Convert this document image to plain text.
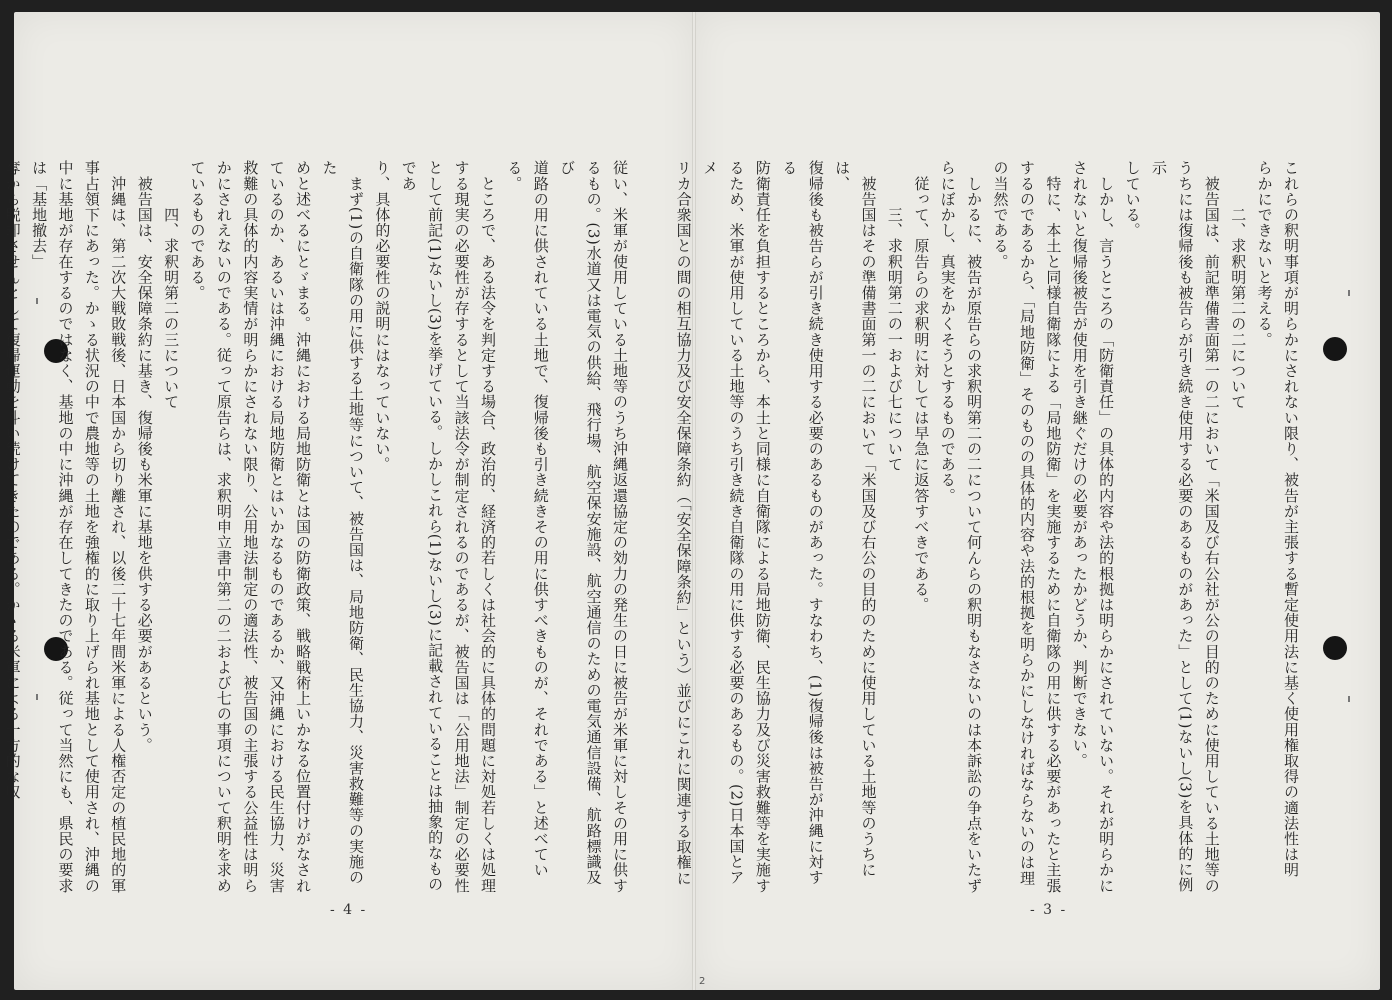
これらの釈明事項が明らかにされない限り、被告が主張する暫定使用法に基く使用権取得の適法性は明
らかにできないと考える。
　　　二、求釈明第二の二について
　被告国は、前記準備書面第一の二において「米国及び右公社が公の目的のために使用している土地等の
うちには復帰後も被告らが引き続き使用する必要のあるものがあった」として(1)ないし(3)を具体的に例示
している。
　しかし、言うところの「防衛責任」の具体的内容や法的根拠は明らかにされていない。それが明らかに
されないと復帰後被告が使用を引き継ぐだけの必要があったかどうか、判断できない。
　特に、本土と同様自衛隊による「局地防衛」を実施するために自衛隊の用に供する必要があったと主張
するのであるから、「局地防衛」そのものの具体的内容や法的根拠を明らかにしなければならないのは理
の当然である。
　しかるに、被告が原告らの求釈明第二の二について何んらの釈明もなさないのは本訴訟の争点をいたず
らにぼかし、真実をかくそうとするものである。
　従って、原告らの求釈明に対しては早急に返答すべきである。
　　　三、求釈明第二の一および七について
　被告国はその準備書面第一の二において「米国及び右公の目的のために使用している土地等のうちには、
復帰後も被告らが引き続き使用する必要のあるものがあった。すなわち、(1)復帰後は被告が沖縄に対する
防衛責任を負担するところから、本土と同様に自衛隊による局地防衛、民生協力及び災害救難等を実施す
るため、米軍が使用している土地等のうち引き続き自衛隊の用に供する必要のあるもの。(2)日本国とアメ
リカ合衆国との間の相互協力及び安全保障条約（「安全保障条約」という）並びにこれに関連する取権に
従い、米軍が使用している土地等のうち沖縄返還協定の効力の発生の日に被告が米軍に対しその用に供す
るもの。(3)水道又は電気の供給、飛行場、航空保安施設、航空通信のための電気通信設備、航路標識及び
道路の用に供されている土地で、復帰後も引き続きその用に供すべきものが、それである」と述べている。
　ところで、ある法令を判定する場合、政治的、経済的若しくは社会的に具体的問題に対処若しくは処理
する現実の必要性が存するとして当該法令が制定されるのであるが、被告国は「公用地法」制定の必要性
として前記(1)ないし(3)を挙げている。しかしこれら(1)ないし(3)に記載されていることは抽象的なものであ
り、具体的必要性の説明にはなっていない。
　まず(1)の自衛隊の用に供する土地等について、被告国は、局地防衛、民生協力、災害救難等の実施のた
めと述べるにとゞまる。沖縄における局地防衛とは国の防衛政策、戦略戦術上いかなる位置付けがなされ
ているのか、あるいは沖縄における局地防衛とはいかなるものであるか、又沖縄における民生協力、災害
救難の具体的内容実情が明らかにされない限り、公用地法制定の適法性、被告国の主張する公益性は明ら
かにされえないのである。従って原告らは、求釈明申立書中第二の二および七の事項について釈明を求め
ているものである。
　　　四、求釈明第二の三について
　被告国は、安全保障条約に基き、復帰後も米軍に基地を供する必要があるという。
　沖縄は、第二次大戦敗戦後、日本国から切り離され、以後二十七年間米軍による人権否定の植民地的軍
事占領下にあった。かゝる状況の中で農地等の土地を強権的に取り上げられ基地として使用され、沖縄の
中に基地が存在するのではなく、基地の中に沖縄が存在してきたのである。従って当然にも、県民の要求は「基地撤去」
奪から脱却させんとして復帰運動を斗い続けてきたのである。かゝる米軍による一方的な収

- 3 -
- 4 -
2
